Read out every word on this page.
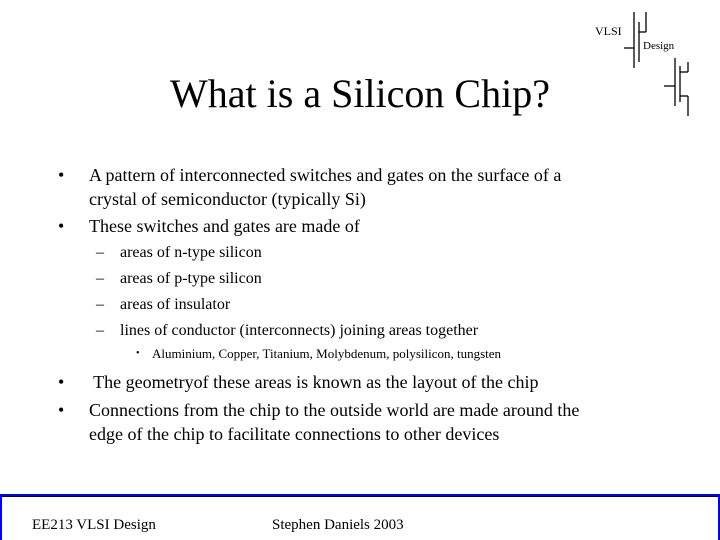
VLSI
Design
What is a Silicon Chip?
• A pattern of interconnected switches and gates on the surface of a
crystal of semiconductor (typically Si)
• These switches and gates are made of
– areas of n-type silicon
– areas of p-type silicon
– areas of insulator
– lines of conductor (interconnects) joining areas together
• Aluminium, Copper, Titanium, Molybdenum, polysilicon, tungsten
• The geometryof these areas is known as the layout of the chip
• Connections from the chip to the outside world are made around the
edge of the chip to facilitate connections to other devices
EE213 VLSI Design	Stephen Daniels 2003
